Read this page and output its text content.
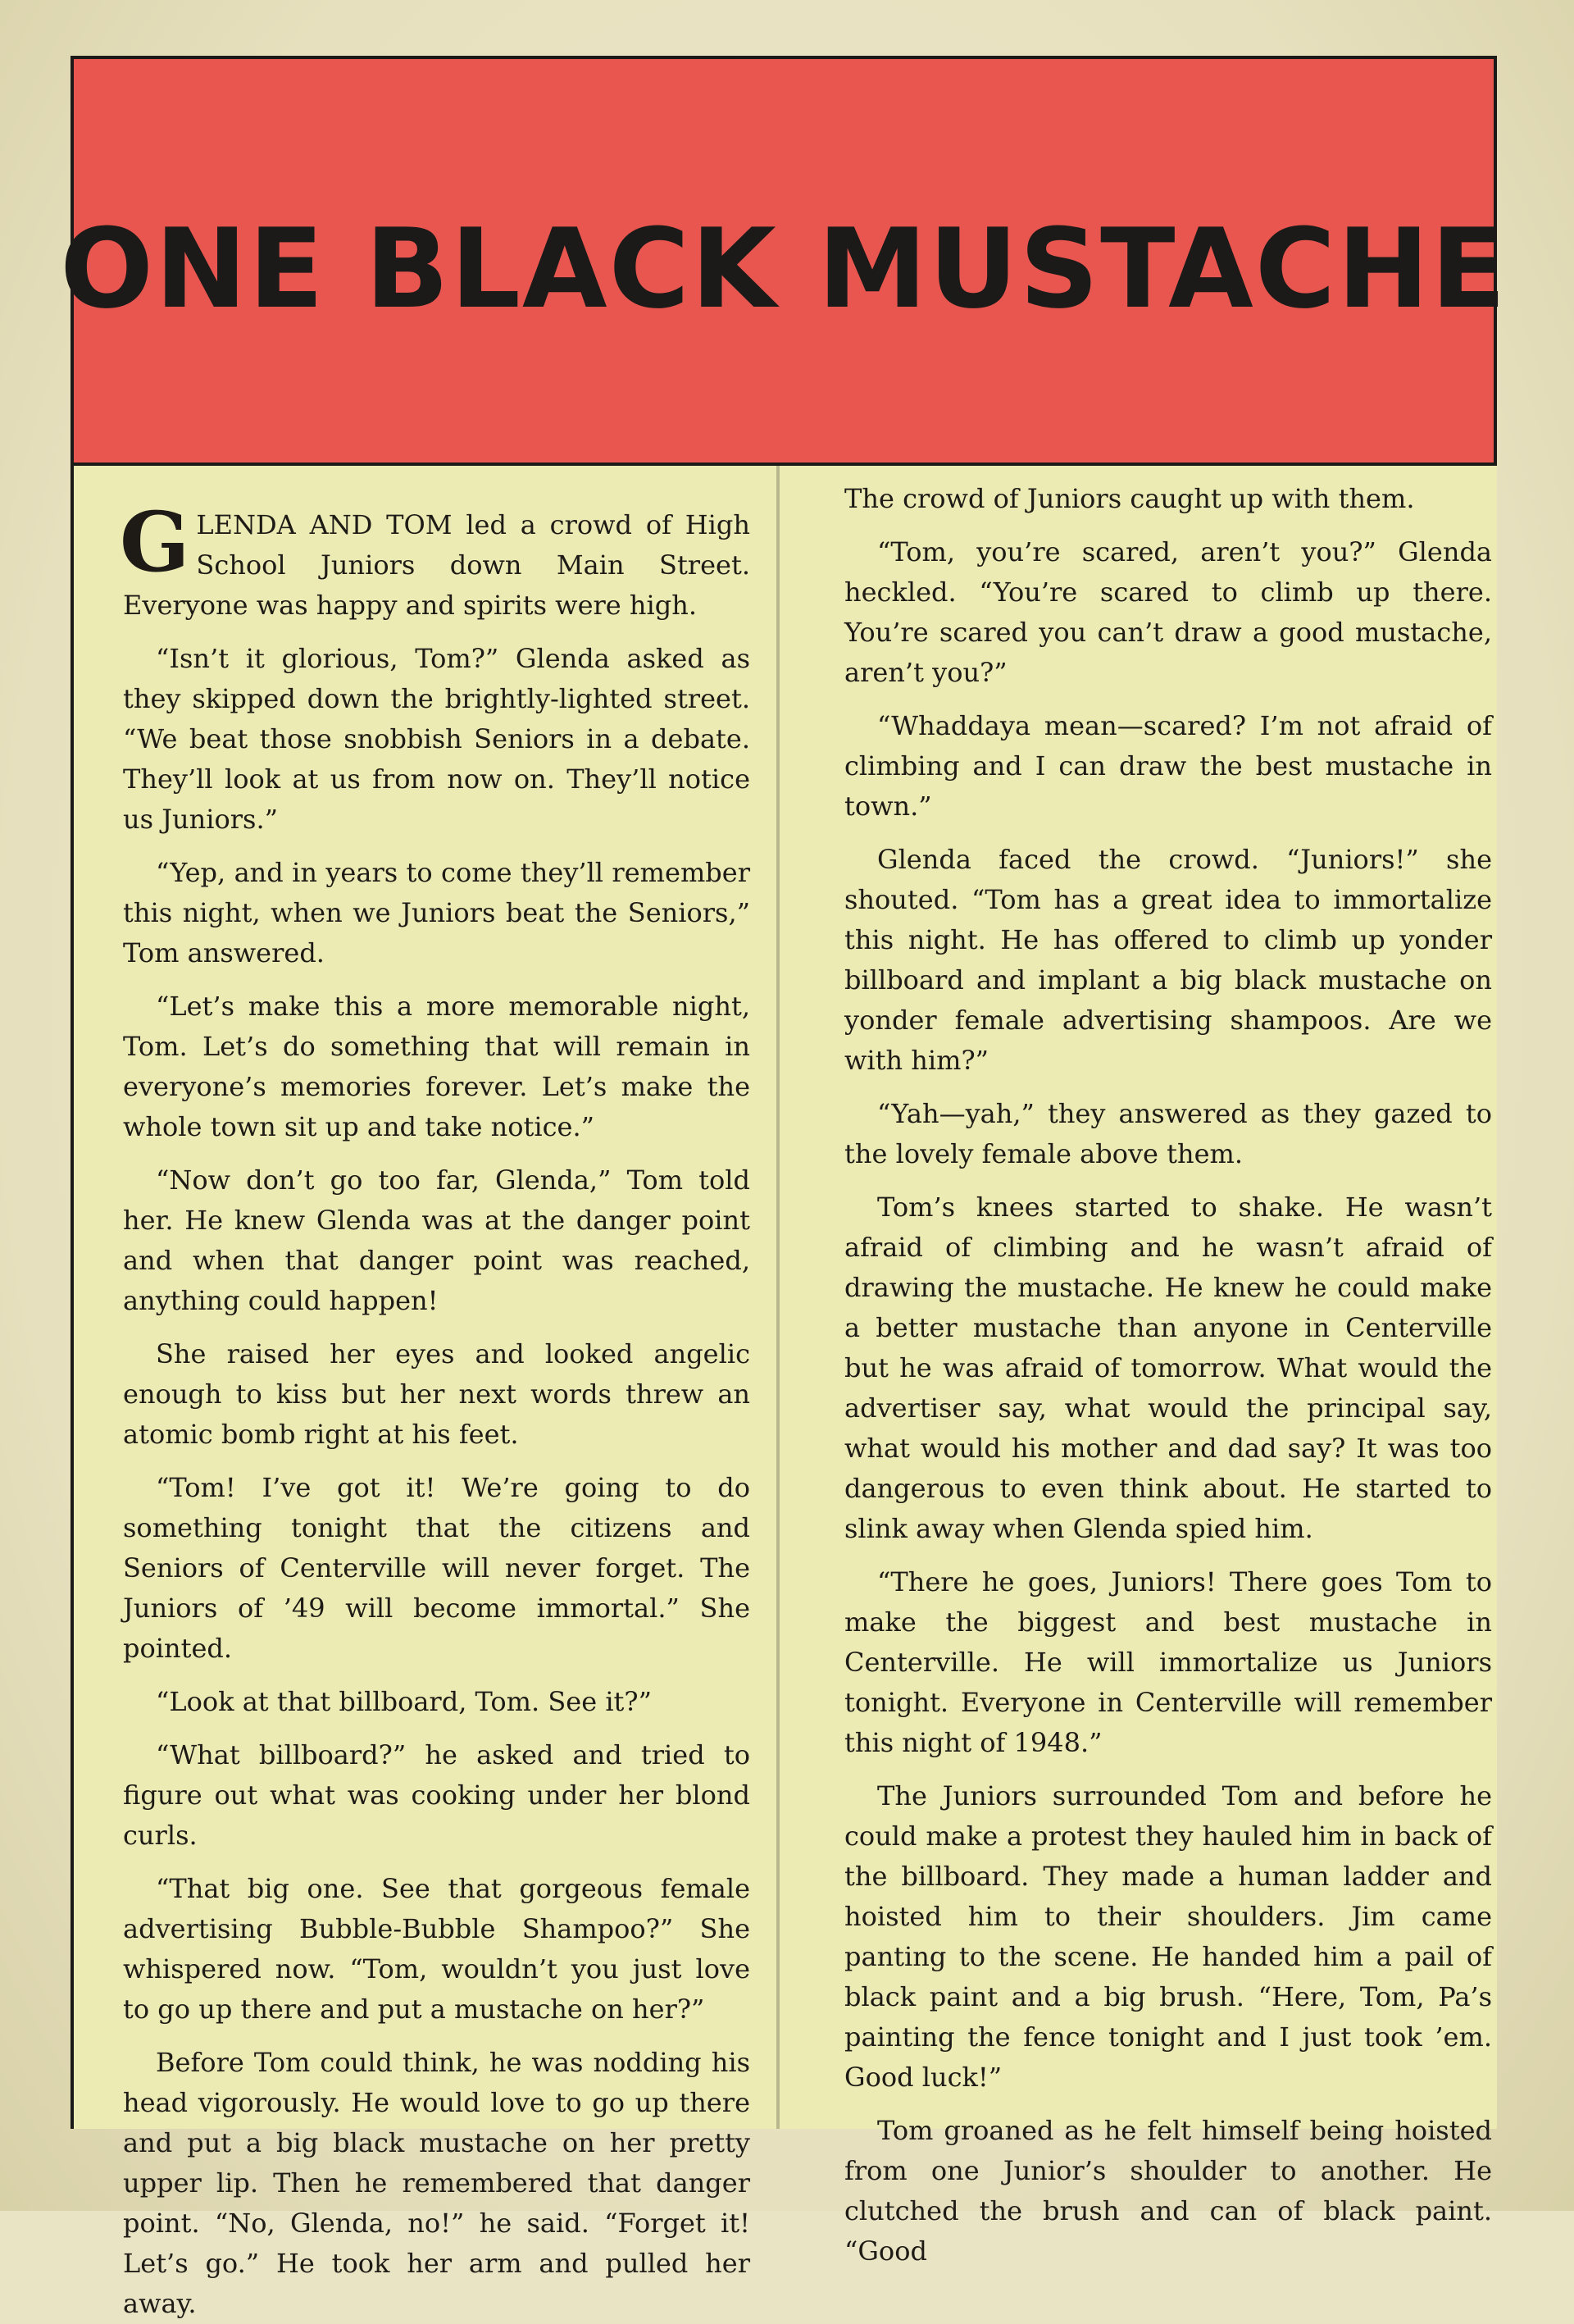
ONE BLACK MUSTACHE

GLENDA AND TOM led a crowd of High School Juniors down Main Street. Everyone was happy and spirits were high.

“Isn’t it glorious, Tom?” Glenda asked as they skipped down the brightly-lighted street. “We beat those snobbish Seniors in a debate. They’ll look at us from now on. They’ll notice us Juniors.”

“Yep, and in years to come they’ll remember this night, when we Juniors beat the Seniors,” Tom answered.

“Let’s make this a more memorable night, Tom. Let’s do something that will remain in everyone’s memories forever. Let’s make the whole town sit up and take notice.”

“Now don’t go too far, Glenda,” Tom told her. He knew Glenda was at the danger point and when that danger point was reached, anything could happen!

She raised her eyes and looked angelic enough to kiss but her next words threw an atomic bomb right at his feet.

“Tom! I’ve got it! We’re going to do something tonight that the citizens and Seniors of Centerville will never forget. The Juniors of ’49 will become immortal.” She pointed.

“Look at that billboard, Tom. See it?”

“What billboard?” he asked and tried to figure out what was cooking under her blond curls.

“That big one. See that gorgeous female advertising Bubble-Bubble Shampoo?” She whispered now. “Tom, wouldn’t you just love to go up there and put a mustache on her?”

Before Tom could think, he was nodding his head vigorously. He would love to go up there and put a big black mustache on her pretty upper lip. Then he remembered that danger point. “No, Glenda, no!” he said. “Forget it! Let’s go.” He took her arm and pulled her away.

The crowd of Juniors caught up with them.

“Tom, you’re scared, aren’t you?” Glenda heckled. “You’re scared to climb up there. You’re scared you can’t draw a good mustache, aren’t you?”

“Whaddaya mean—scared? I’m not afraid of climbing and I can draw the best mustache in town.”

Glenda faced the crowd. “Juniors!” she shouted. “Tom has a great idea to immortalize this night. He has offered to climb up yonder billboard and implant a big black mustache on yonder female advertising shampoos. Are we with him?”

“Yah—yah,” they answered as they gazed to the lovely female above them.

Tom’s knees started to shake. He wasn’t afraid of climbing and he wasn’t afraid of drawing the mustache. He knew he could make a better mustache than anyone in Centerville but he was afraid of tomorrow. What would the advertiser say, what would the principal say, what would his mother and dad say? It was too dangerous to even think about. He started to slink away when Glenda spied him.

“There he goes, Juniors! There goes Tom to make the biggest and best mustache in Centerville. He will immortalize us Juniors tonight. Everyone in Centerville will remember this night of 1948.”

The Juniors surrounded Tom and before he could make a protest they hauled him in back of the billboard. They made a human ladder and hoisted him to their shoulders. Jim came panting to the scene. He handed him a pail of black paint and a big brush. “Here, Tom, Pa’s painting the fence tonight and I just took ’em. Good luck!”

Tom groaned as he felt himself being hoisted from one Junior’s shoulder to another. He clutched the brush and can of black paint. “Good
